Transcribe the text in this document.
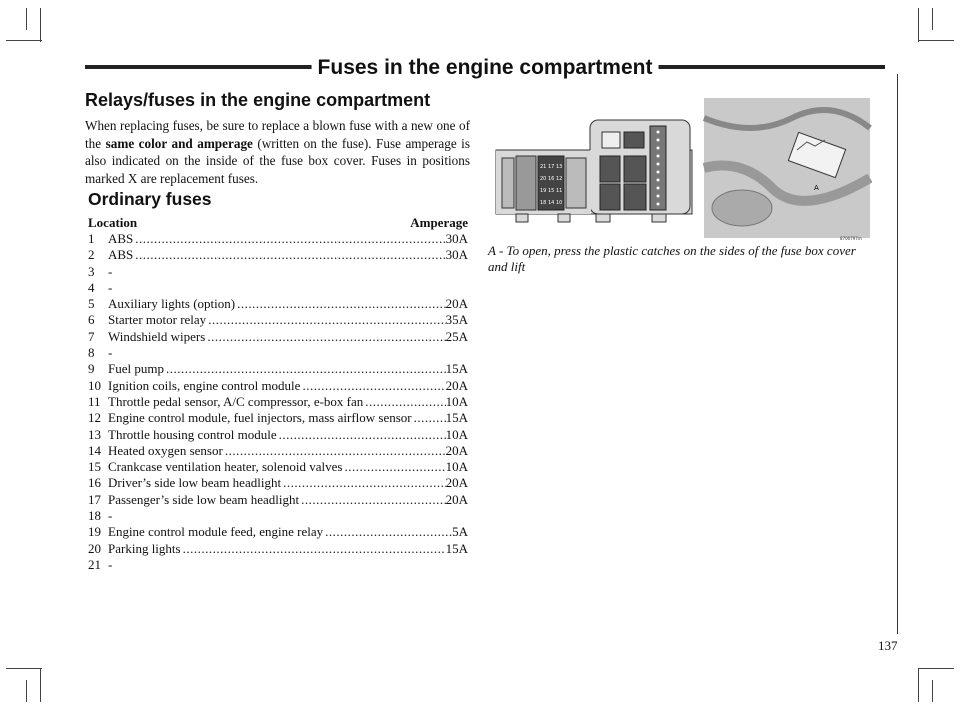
Fuses in the engine compartment
Relays/fuses in the engine compartment
When replacing fuses, be sure to replace a blown fuse with a new one of the same color and amperage (written on the fuse). Fuse amperage is also indicated on the inside of the fuse box cover. Fuses in positions marked X are replacement fuses.
Ordinary fuses
Location	Amperage
1	ABS .....	30A
2	ABS .....	30A
3	-
4	-
5	Auxiliary lights (option) .....	20A
6	Starter motor relay .....	35A
7	Windshield wipers .....	25A
8	-
9	Fuel pump .....	15A
10 Ignition coils, engine control module .....	20A
11 Throttle pedal sensor, A/C compressor, e-box fan .....	10A
12 Engine control module, fuel injectors, mass airflow sensor .....	15A
13 Throttle housing control module .....	10A
14 Heated oxygen sensor .....	20A
15 Crankcase ventilation heater, solenoid valves .....	10A
16 Driver’s side low beam headlight .....	20A
17 Passenger’s side low beam headlight .....	20A
18 -
19 Engine control module feed, engine relay .....	5A
20 Parking lights .....	15A
21 -
21 17 13
20 16 12
19 15 11
18 14 10
A
8700797m
A - To open, press the plastic catches on the sides of the fuse box cover and lift
137
